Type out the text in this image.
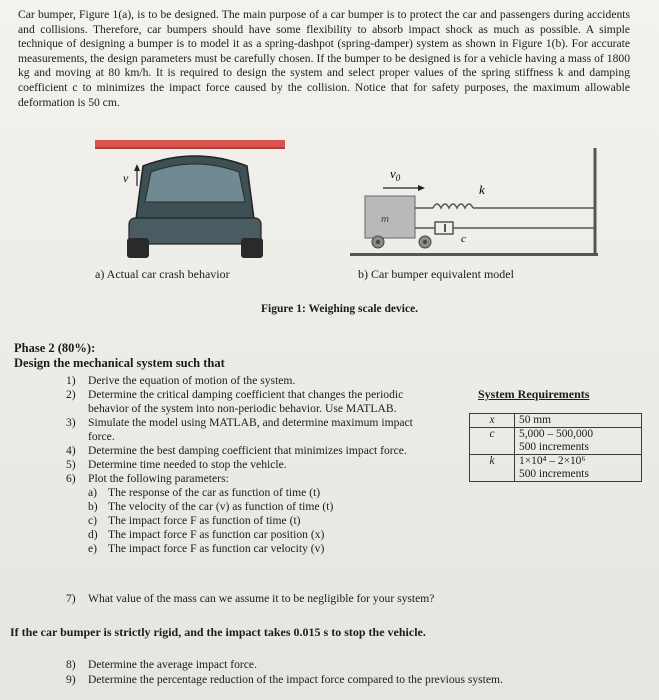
Car bumper, Figure 1(a), is to be designed. The main purpose of a car bumper is to protect the car and passengers during accidents and collisions. Therefore, car bumpers should have some flexibility to absorb impact shock as much as possible. A simple technique of designing a bumper is to model it as a spring-dashpot (spring-damper) system as shown in Figure 1(b). For accurate measurements, the design parameters must be carefully chosen. If the bumper to be designed is for a vehicle having a mass of 1800 kg and moving at 80 km/h. It is required to design the system and select proper values of the spring stiffness k and damping coefficient c to minimizes the impact force caused by the collision. Notice that for safety purposes, the maximum allowable deformation is 50 cm.
v
m
$v_0$
k
c
a) Actual car crash behavior	b) Car bumper equivalent model
Figure 1: Weighing scale device.
Phase 2 (80%):
Design the mechanical system such that
1)	Derive the equation of motion of the system.
2)	Determine the critical damping coefficient that changes the periodic behavior of the system into non-periodic behavior. Use MATLAB.
3)	Simulate the model using MATLAB, and determine maximum impact force.
4)	Determine the best damping coefficient that minimizes impact force.
5)	Determine time needed to stop the vehicle.
6)	Plot the following parameters:
a) The response of the car as function of time (t)
b) The velocity of the car (v) as function of time (t)
c) The impact force F as function of time (t)
d) The impact force F as function car position (x)
e) The impact force F as function car velocity (v)
7)	What value of the mass can we assume it to be negligible for your system?
If the car bumper is strictly rigid, and the impact takes 0.015 s to stop the vehicle.
8)	Determine the average impact force.
9)	Determine the percentage reduction of the impact force compared to the previous system.
System Requirements
x	50 mm

c	5,000 – 500,000
500 increments

k	1×10⁴ – 2×10⁶
500 increments
